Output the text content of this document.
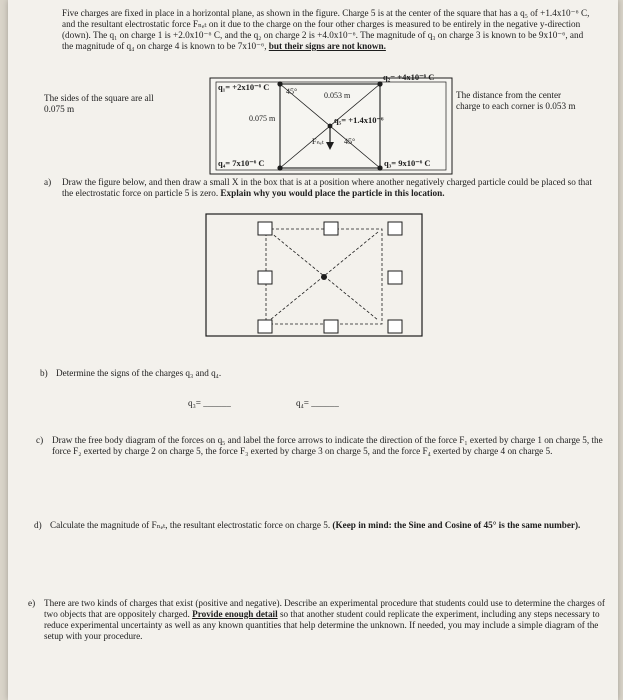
Five charges are fixed in place in a horizontal plane, as shown in the figure. Charge 5 is at the center of the square that has a q₅ of +1.4x10⁻⁶ C, and the resultant electrostatic force Fₙₑₜ on it due to the charge on the four other charges is measured to be entirely in the negative y-direction (down). The q₁ on charge 1 is +2.0x10⁻⁶ C, and the q₂ on charge 2 is +4.0x10⁻⁶. The magnitude of q₃ on charge 3 is known to be 9x10⁻⁶, and the magnitude of q₄ on charge 4 is known to be 7x10⁻⁶, but their signs are not known.
The sides of the square are all 0.075 m
The distance from the center charge to each corner is 0.053 m
q₁= +2x10⁻⁶ C
q₂= +4x10⁻⁶ C
q₃= 9x10⁻⁶ C
q₄= 7x10⁻⁶ C
q₅= +1.4x10⁻⁶
0.075 m
0.053 m
45°
45°
Fₙₑₜ
a) Draw the figure below, and then draw a small X in the box that is at a position where another negatively charged particle could be placed so that the electrostatic force on particle 5 is zero. Explain why you would place the particle in this location.
b) Determine the signs of the charges q₃ and q₄.
q₃= ______	q₄= ______
c) Draw the free body diagram of the forces on q₅ and label the force arrows to indicate the direction of the force F₁ exerted by charge 1 on charge 5, the force F₂ exerted by charge 2 on charge 5, the force F₃ exerted by charge 3 on charge 5, and the force F₄ exerted by charge 4 on charge 5.
d) Calculate the magnitude of Fₙₑₜ, the resultant electrostatic force on charge 5. (Keep in mind: the Sine and Cosine of 45° is the same number).
e) There are two kinds of charges that exist (positive and negative). Describe an experimental procedure that students could use to determine the charges of two objects that are oppositely charged. Provide enough detail so that another student could replicate the experiment, including any steps necessary to reduce experimental uncertainty as well as any known quantities that help determine the unknown. If needed, you may include a simple diagram of the setup with your procedure.
